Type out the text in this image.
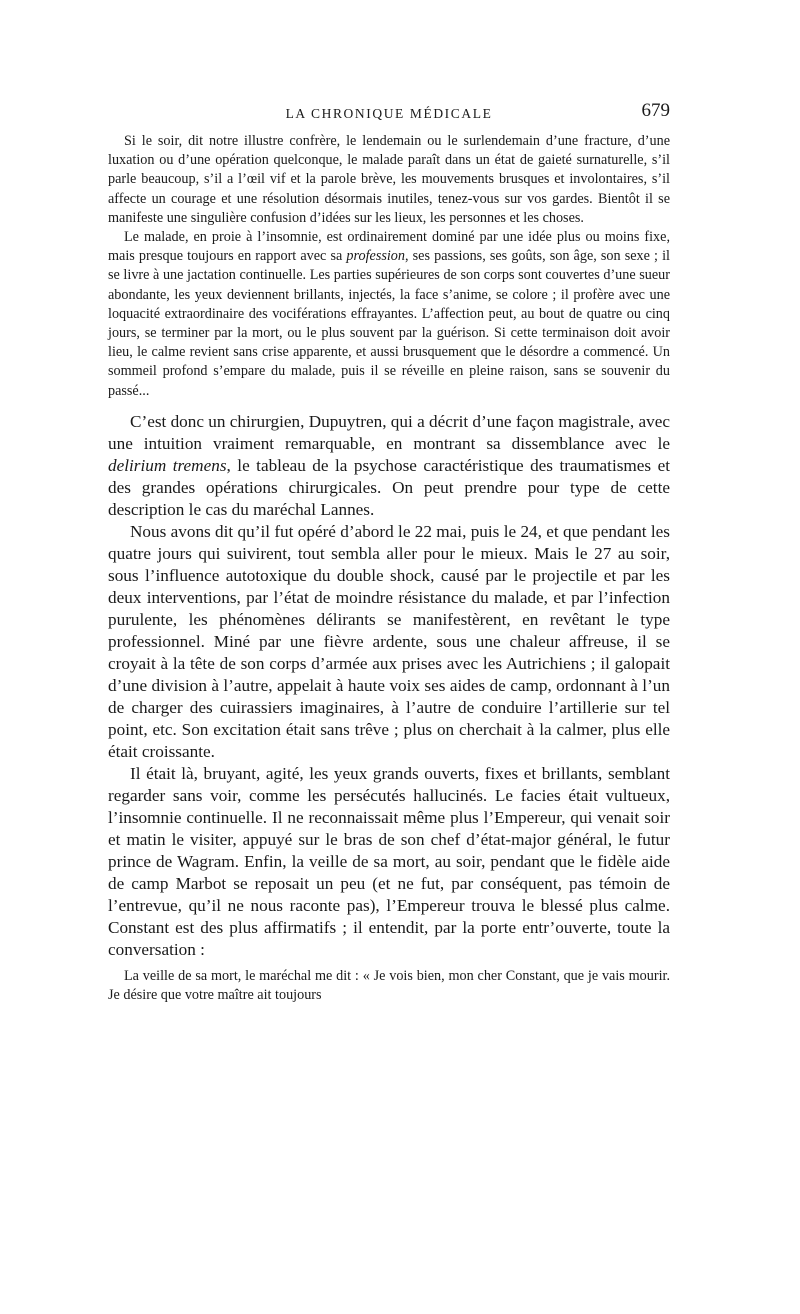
LA CHRONIQUE MÉDICALE	679

Si le soir, dit notre illustre confrère, le lendemain ou le surlendemain d’une fracture, d’une luxation ou d’une opération quelconque, le malade paraît dans un état de gaieté surnaturelle, s’il parle beaucoup, s’il a l’œil vif et la parole brève, les mouvements brusques et involontaires, s’il affecte un courage et une résolution désormais inutiles, tenez-vous sur vos gardes. Bientôt il se manifeste une singulière confusion d’idées sur les lieux, les personnes et les choses.

Le malade, en proie à l’insomnie, est ordinairement dominé par une idée plus ou moins fixe, mais presque toujours en rapport avec sa profession, ses passions, ses goûts, son âge, son sexe ; il se livre à une jactation continuelle. Les parties supérieures de son corps sont couvertes d’une sueur abondante, les yeux deviennent brillants, injectés, la face s’anime, se colore ; il profère avec une loquacité extraordinaire des vociférations effrayantes. L’affection peut, au bout de quatre ou cinq jours, se terminer par la mort, ou le plus souvent par la guérison. Si cette terminaison doit avoir lieu, le calme revient sans crise apparente, et aussi brusquement que le désordre a commencé. Un sommeil profond s’empare du malade, puis il se réveille en pleine raison, sans se souvenir du passé...

C’est donc un chirurgien, Dupuytren, qui a décrit d’une façon magistrale, avec une intuition vraiment remarquable, en montrant sa dissemblance avec le delirium tremens, le tableau de la psychose caractéristique des traumatismes et des grandes opérations chirurgicales. On peut prendre pour type de cette description le cas du maréchal Lannes.

Nous avons dit qu’il fut opéré d’abord le 22 mai, puis le 24, et que pendant les quatre jours qui suivirent, tout sembla aller pour le mieux. Mais le 27 au soir, sous l’influence autotoxique du double shock, causé par le projectile et par les deux interventions, par l’état de moindre résistance du malade, et par l’infection purulente, les phénomènes délirants se manifestèrent, en revêtant le type professionnel. Miné par une fièvre ardente, sous une chaleur affreuse, il se croyait à la tête de son corps d’armée aux prises avec les Autrichiens ; il galopait d’une division à l’autre, appelait à haute voix ses aides de camp, ordonnant à l’un de charger des cuirassiers imaginaires, à l’autre de conduire l’artillerie sur tel point, etc. Son excitation était sans trêve ; plus on cherchait à la calmer, plus elle était croissante.

Il était là, bruyant, agité, les yeux grands ouverts, fixes et brillants, semblant regarder sans voir, comme les persécutés hallucinés. Le facies était vultueux, l’insomnie continuelle. Il ne reconnaissait même plus l’Empereur, qui venait soir et matin le visiter, appuyé sur le bras de son chef d’état-major général, le futur prince de Wagram. Enfin, la veille de sa mort, au soir, pendant que le fidèle aide de camp Marbot se reposait un peu (et ne fut, par conséquent, pas témoin de l’entrevue, qu’il ne nous raconte pas), l’Empereur trouva le blessé plus calme. Constant est des plus affirmatifs ; il entendit, par la porte entr’ouverte, toute la conversation :

La veille de sa mort, le maréchal me dit : « Je vois bien, mon cher Constant, que je vais mourir. Je désire que votre maître ait toujours
